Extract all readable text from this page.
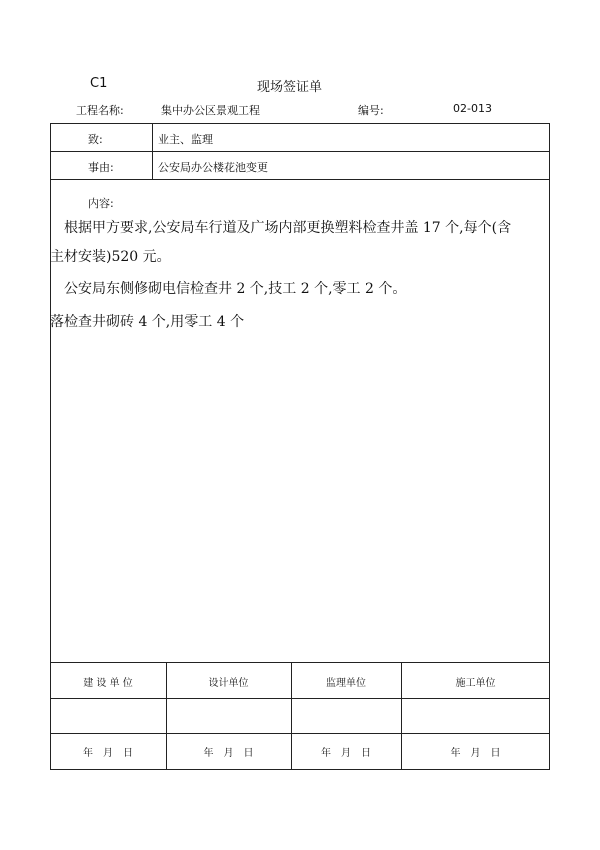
C1	现场签证单
工程名称:	集中办公区景观工程	编号:	02-013
致:	业主、监理
事由:	公安局办公楼花池变更
内容:
根据甲方要求,公安局车行道及广场内部更换塑料检查井盖 17 个,每个(含
主材安装)520 元。
公安局东侧修砌电信检查井 2 个,技工 2 个,零工 2 个。
落检查井砌砖 4 个,用零工 4 个
建 设 单 位	设计单位	监理单位	施工单位
年　月　日	年　月　日	年　月　日	年　月　日
